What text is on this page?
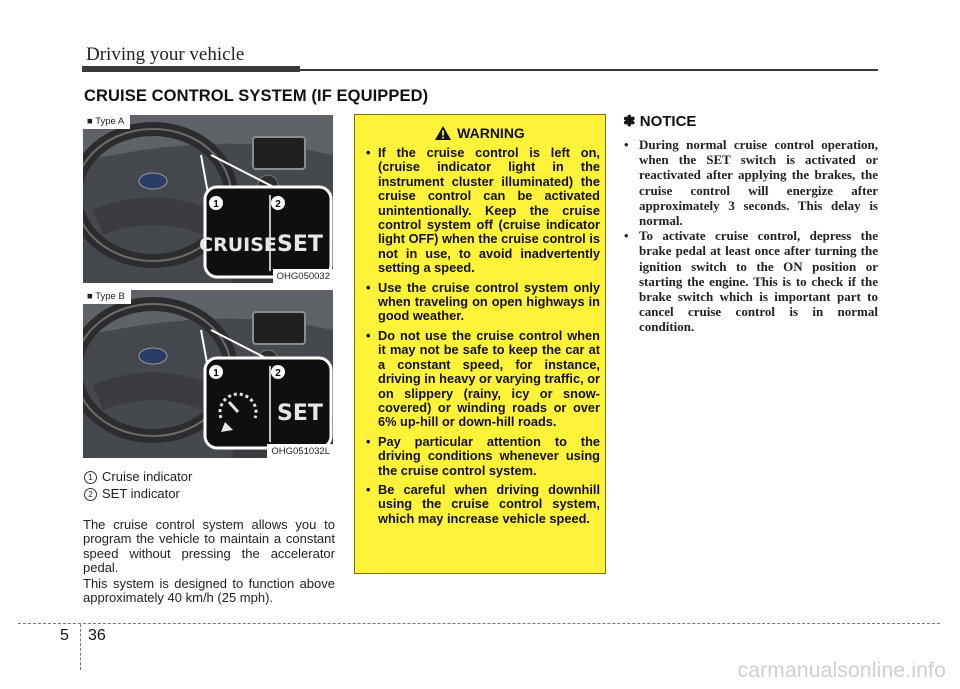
Driving your vehicle
CRUISE CONTROL SYSTEM (IF EQUIPPED)
1	2
CRUISE SET
■ Type A
OHG050032
1	2
SET
■ Type B
OHG051032L
1 Cruise indicator
2 SET indicator
The cruise control system allows you to program the vehicle to maintain a constant speed without pressing the accelerator pedal.
This system is designed to function above approximately 40 km/h (25 mph).
WARNING
• If the cruise control is left on, (cruise indicator light in the instrument cluster illuminated) the cruise control can be activated unintentionally. Keep the cruise control system off (cruise indicator light OFF) when the cruise control is not in use, to avoid inadvertently setting a speed.
• Use the cruise control system only when traveling on open highways in good weather.
• Do not use the cruise control when it may not be safe to keep the car at a constant speed, for instance, driving in heavy or varying traffic, or on slippery (rainy, icy or snow-covered) or winding roads or over 6% up-hill or down-hill roads.
• Pay particular attention to the driving conditions whenever using the cruise control system.
• Be careful when driving downhill using the cruise control system, which may increase vehicle speed.
✽ NOTICE
• During normal cruise control operation, when the SET switch is activated or reactivated after applying the brakes, the cruise control will energize after approximately 3 seconds. This delay is normal.
• To activate cruise control, depress the brake pedal at least once after turning the ignition switch to the ON position or starting the engine. This is to check if the brake switch which is important part to cancel cruise control is in normal condition.
5 36
carmanualsonline.info
